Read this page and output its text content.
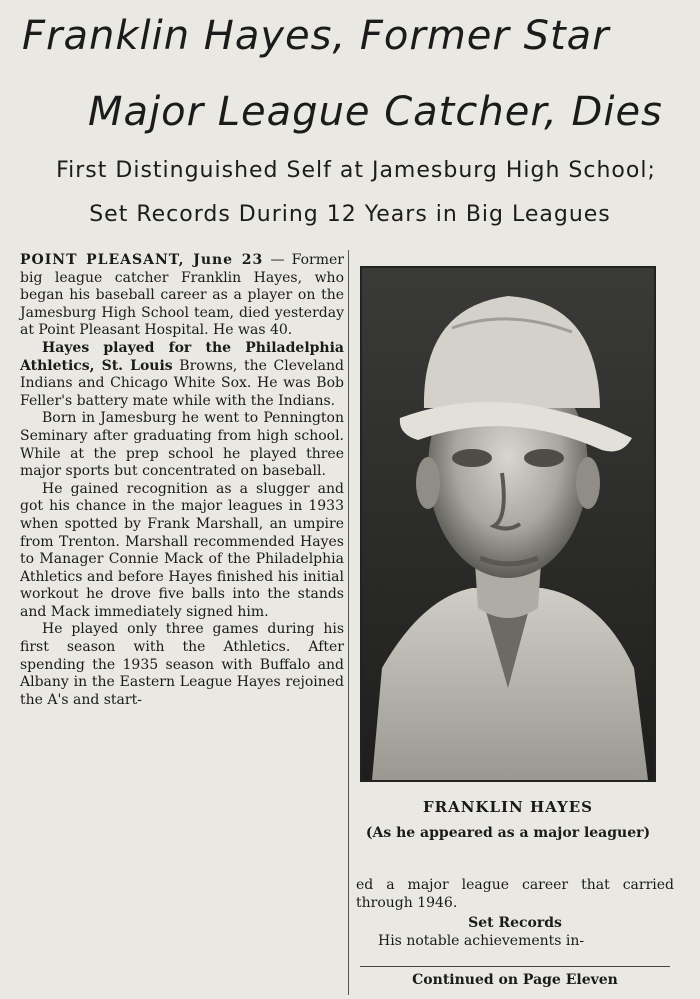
Franklin Hayes, Former Star
Major League Catcher, Dies
First Distinguished Self at Jamesburg High School;
Set Records During 12 Years in Big Leagues

POINT PLEASANT, June 23 — Former big league catcher Franklin Hayes, who began his baseball career as a player on the Jamesburg High School team, died yesterday at Point Pleasant Hospital. He was 40.

Hayes played for the Philadelphia Athletics, St. Louis Browns, the Cleveland Indians and Chicago White Sox. He was Bob Feller's battery mate while with the Indians.

Born in Jamesburg he went to Pennington Seminary after graduating from high school. While at the prep school he played three major sports but concentrated on baseball.

He gained recognition as a slugger and got his chance in the major leagues in 1933 when spotted by Frank Marshall, an umpire from Trenton. Marshall recommended Hayes to Manager Connie Mack of the Philadelphia Athletics and before Hayes finished his initial workout he drove five balls into the stands and Mack immediately signed him.

He played only three games during his first season with the Athletics. After spending the 1935 season with Buffalo and Albany in the Eastern League Hayes rejoined the A's and start-

FRANKLIN HAYES
(As he appeared as a major leaguer)

ed a major league career that carried through 1946.

Set Records

His notable achievements in-

Continued on Page Eleven
